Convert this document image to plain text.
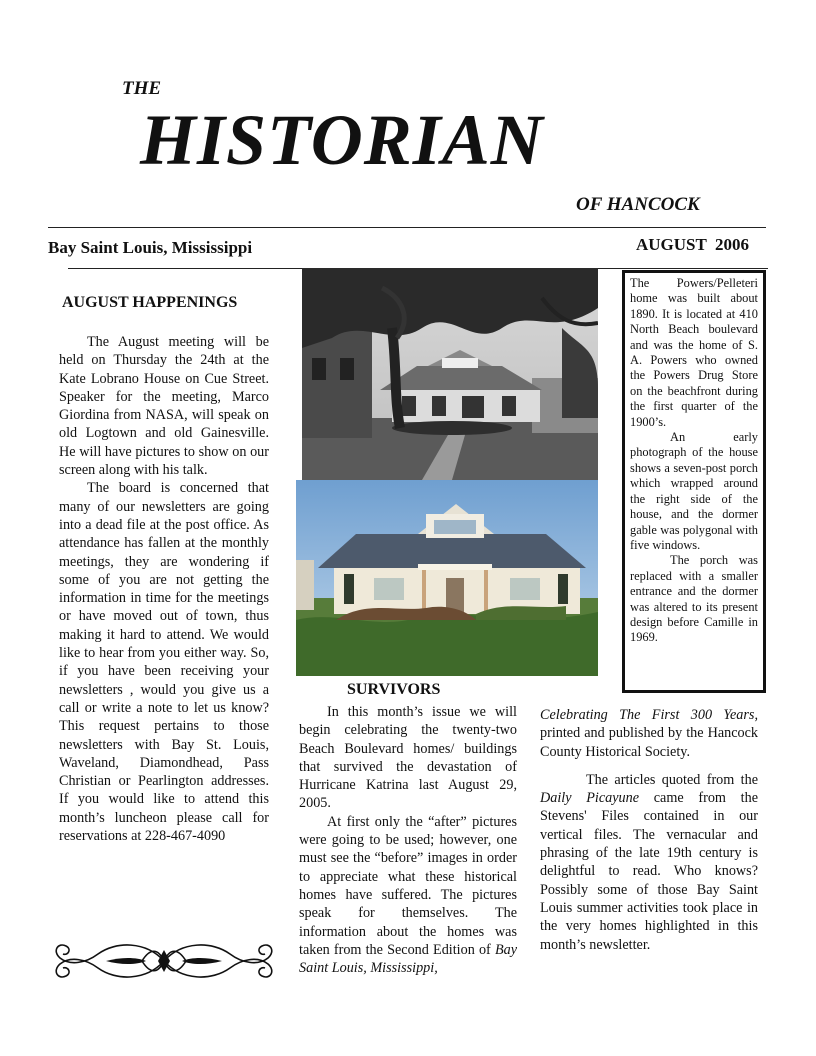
THE
HISTORIAN
OF HANCOCK
Bay Saint Louis, Mississippi	AUGUST  2006
AUGUST HAPPENINGS

The August meeting will be held on Thursday the 24th at the Kate Lobrano House on Cue Street. Speaker for the meeting, Marco Giordina from NASA, will speak on old Logtown and old Gainesville. He will have pictures to show on our screen along with his talk.

The board is concerned that many of our newsletters are going into a dead file at the post office. As attendance has fallen at the monthly meetings, they are wondering if some of you are not getting the information in time for the meetings or have moved out of town, thus making it hard to attend. We would like to hear from you either way. So, if you have been receiving your newsletters , would you give us a call or write a note to let us know? This request pertains to those newsletters with Bay St. Louis, Waveland, Diamondhead, Pass Christian or Pearlington addresses. If you would like to attend this month’s luncheon please call for reservations at 228-467-4090

The Powers/Pelleteri home was built about 1890. It is located at 410 North Beach boulevard and was the home of S. A. Powers who owned the Powers Drug Store on the beachfront during the first quarter of the 1900’s.

An early photograph of the house shows a seven-post porch which wrapped around the right side of the house, and the dormer gable was polygonal with five windows.

The porch was replaced with a smaller entrance and the dormer was altered to its present design before Camille in 1969.

SURVIVORS

In this month’s issue we will begin celebrating the twenty-two Beach Boulevard homes/ buildings that survived the devastation of Hurricane Katrina last August 29, 2005.

At first only the “after” pictures were going to be used; however, one must see the “before” images in order to appreciate what these historical homes have suffered. The pictures speak for themselves. The information about the homes was taken from the Second Edition of Bay Saint Louis, Mississippi,

Celebrating The First 300 Years, printed and published by the Hancock County Historical Society.

The articles quoted from the Daily Picayune came from the Stevens' Files contained in our vertical files. The vernacular and phrasing of the late 19th century is delightful to read. Who knows? Possibly some of those Bay Saint Louis summer activities took place in the very homes highlighted in this month’s newsletter.
